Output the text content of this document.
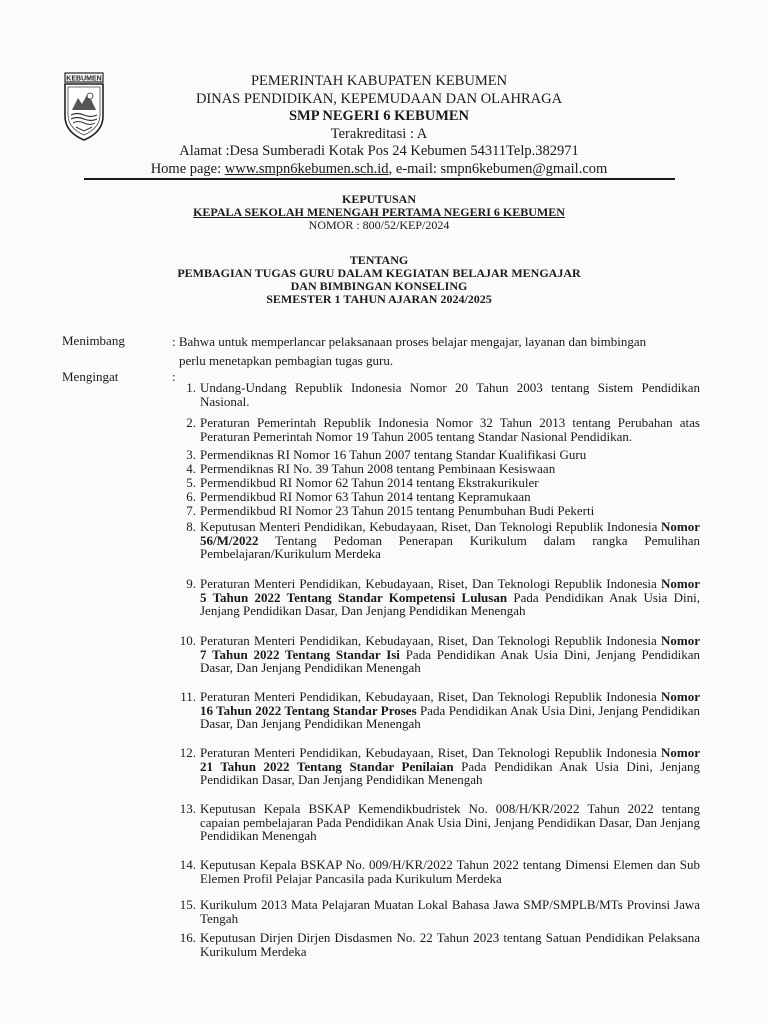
KEBUMEN	PEMERINTAH KABUPATEN KEBUMEN
DINAS PENDIDIKAN, KEPEMUDAAN DAN OLAHRAGA
SMP NEGERI 6 KEBUMEN
Terakreditasi : A
Alamat :Desa Sumberadi Kotak Pos 24 Kebumen 54311Telp.382971
Home page: www.smpn6kebumen.sch.id, e-mail: smpn6kebumen@gmail.com
KEPUTUSAN
KEPALA SEKOLAH MENENGAH PERTAMA NEGERI 6 KEBUMEN
NOMOR : 800/52/KEP/2024
TENTANG
PEMBAGIAN TUGAS GURU DALAM KEGIATAN BELAJAR MENGAJAR
DAN BIMBINGAN KONSELING
SEMESTER 1 TAHUN AJARAN 2024/2025
Menimbang	: Bahwa untuk memperlancar pelaksanaan proses belajar mengajar, layanan dan bimbingan
perlu menetapkan pembagian tugas guru.
Mengingat	:
1. Undang-Undang Republik Indonesia Nomor 20 Tahun 2003 tentang Sistem Pendidikan Nasional.
2. Peraturan Pemerintah Republik Indonesia Nomor 32 Tahun 2013 tentang Perubahan atas Peraturan Pemerintah Nomor 19 Tahun 2005 tentang Standar Nasional Pendidikan.
3. Permendiknas RI Nomor 16 Tahun 2007 tentang Standar Kualifikasi Guru
4. Permendiknas RI No. 39 Tahun 2008 tentang Pembinaan Kesiswaan
5. Permendikbud RI Nomor 62 Tahun 2014 tentang Ekstrakurikuler
6. Permendikbud RI Nomor 63 Tahun 2014 tentang Kepramukaan
7. Permendikbud RI Nomor 23 Tahun 2015 tentang Penumbuhan Budi Pekerti
8. Keputusan Menteri Pendidikan, Kebudayaan, Riset, Dan Teknologi Republik Indonesia Nomor 56/M/2022 Tentang Pedoman Penerapan Kurikulum dalam rangka Pemulihan Pembelajaran/Kurikulum Merdeka
9. Peraturan Menteri Pendidikan, Kebudayaan, Riset, Dan Teknologi Republik Indonesia Nomor 5 Tahun 2022 Tentang Standar Kompetensi Lulusan Pada Pendidikan Anak Usia Dini, Jenjang Pendidikan Dasar, Dan Jenjang Pendidikan Menengah
10. Peraturan Menteri Pendidikan, Kebudayaan, Riset, Dan Teknologi Republik Indonesia Nomor 7 Tahun 2022 Tentang Standar Isi Pada Pendidikan Anak Usia Dini, Jenjang Pendidikan Dasar, Dan Jenjang Pendidikan Menengah
11. Peraturan Menteri Pendidikan, Kebudayaan, Riset, Dan Teknologi Republik Indonesia Nomor 16 Tahun 2022 Tentang Standar Proses Pada Pendidikan Anak Usia Dini, Jenjang Pendidikan Dasar, Dan Jenjang Pendidikan Menengah
12. Peraturan Menteri Pendidikan, Kebudayaan, Riset, Dan Teknologi Republik Indonesia Nomor 21 Tahun 2022 Tentang Standar Penilaian Pada Pendidikan Anak Usia Dini, Jenjang Pendidikan Dasar, Dan Jenjang Pendidikan Menengah
13. Keputusan Kepala BSKAP Kemendikbudristek No. 008/H/KR/2022 Tahun 2022 tentang capaian pembelajaran Pada Pendidikan Anak Usia Dini, Jenjang Pendidikan Dasar, Dan Jenjang Pendidikan Menengah
14. Keputusan Kepala BSKAP No. 009/H/KR/2022 Tahun 2022 tentang Dimensi Elemen dan Sub Elemen Profil Pelajar Pancasila pada Kurikulum Merdeka
15. Kurikulum 2013 Mata Pelajaran Muatan Lokal Bahasa Jawa SMP/SMPLB/MTs Provinsi Jawa Tengah
16. Keputusan Dirjen Dirjen Disdasmen No. 22 Tahun 2023 tentang Satuan Pendidikan Pelaksana Kurikulum Merdeka
